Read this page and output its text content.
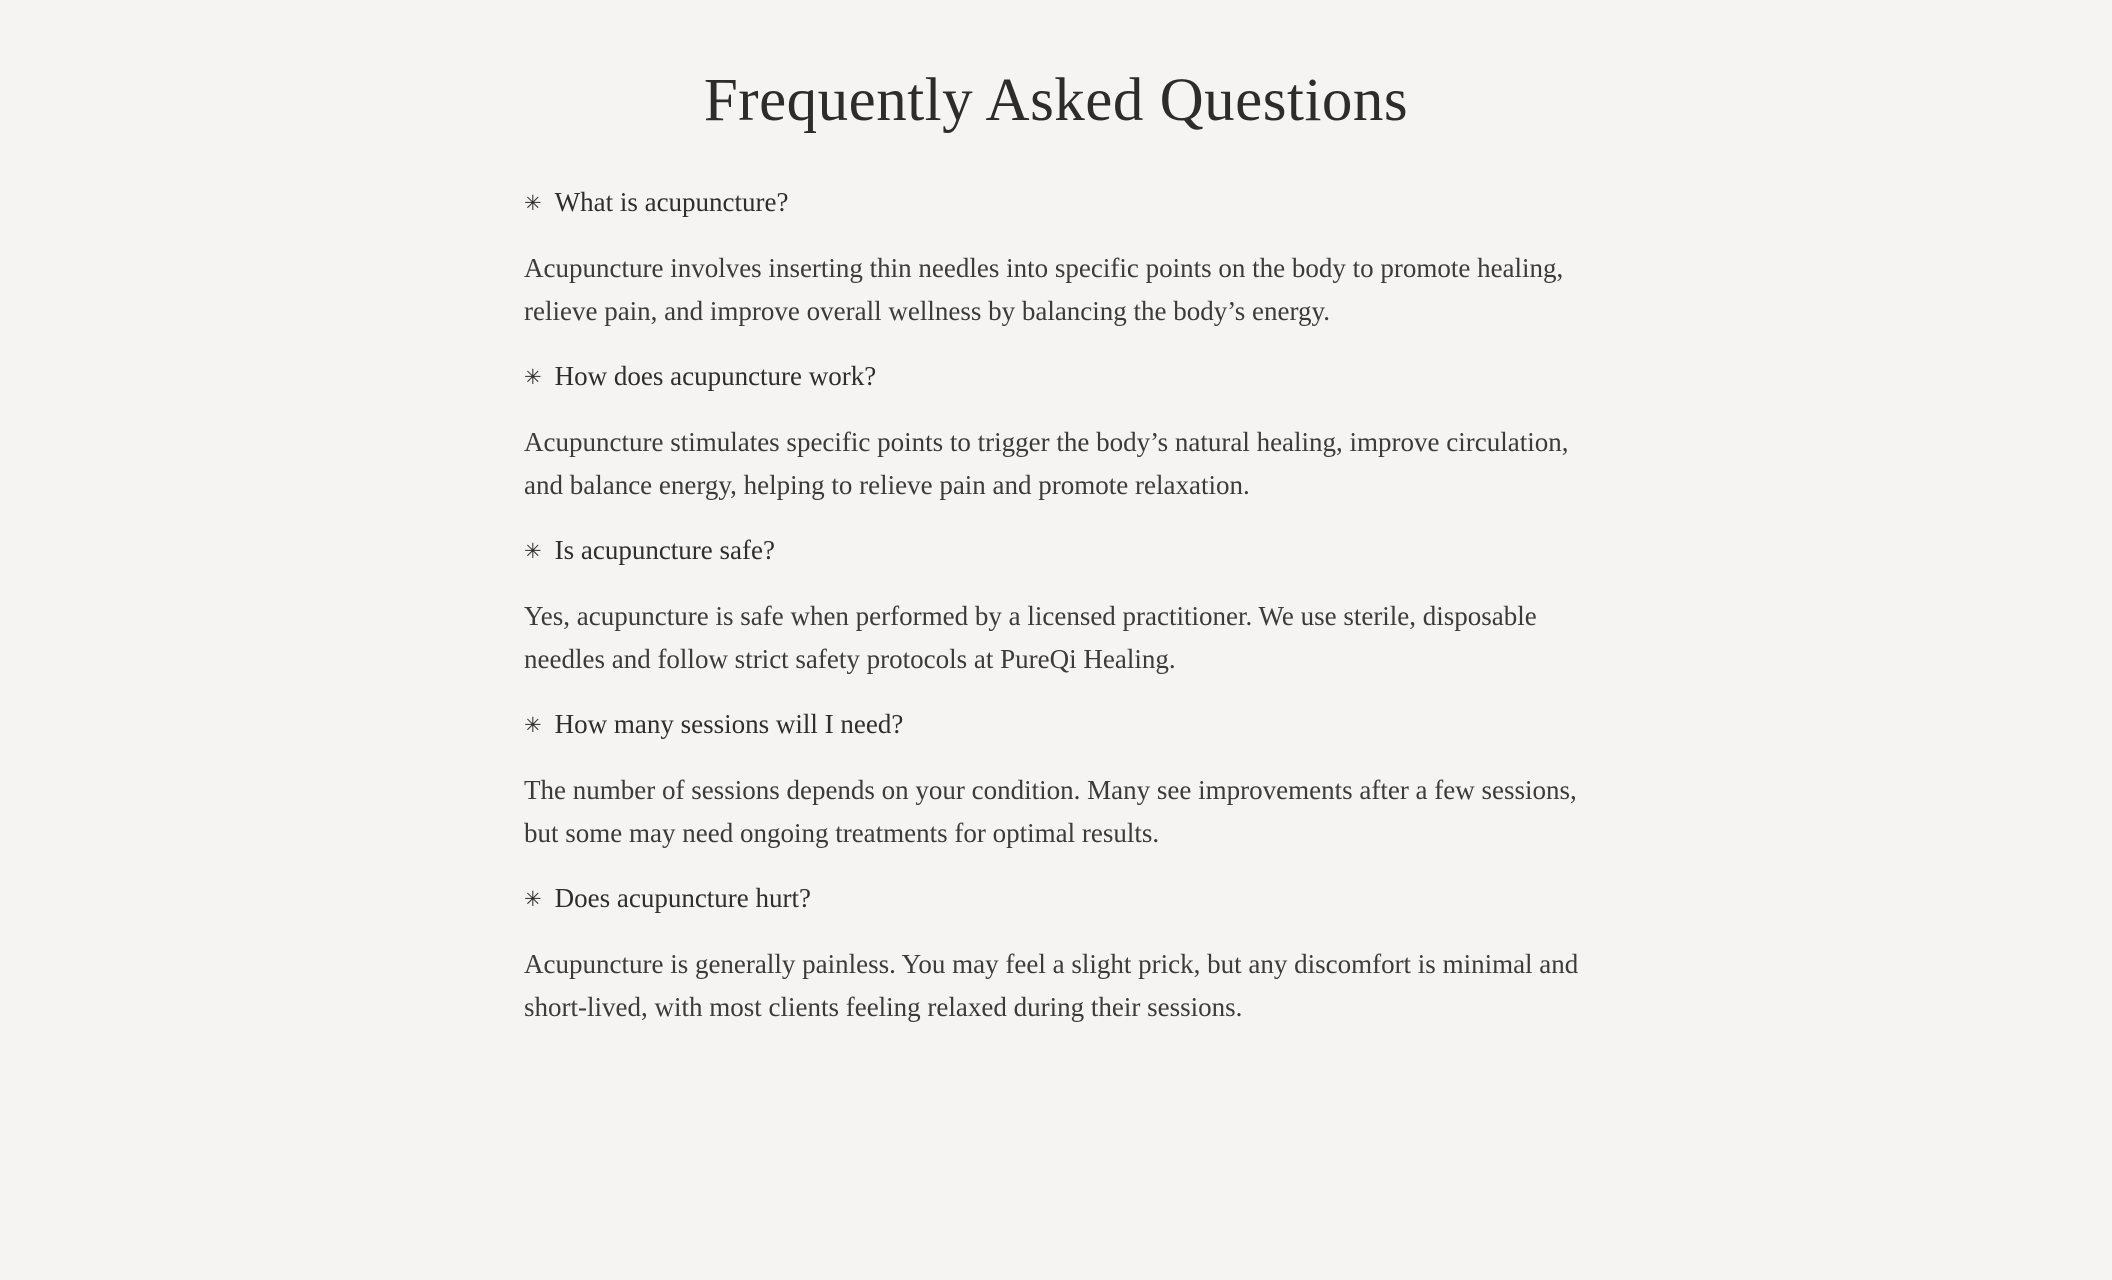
Frequently Asked Questions
✳ What is acupuncture?

Acupuncture involves inserting thin needles into specific points on the body to promote healing, relieve pain, and improve overall wellness by balancing the body’s energy.

✳ How does acupuncture work?

Acupuncture stimulates specific points to trigger the body’s natural healing, improve circulation, and balance energy, helping to relieve pain and promote relaxation.

✳ Is acupuncture safe?

Yes, acupuncture is safe when performed by a licensed practitioner. We use sterile, disposable needles and follow strict safety protocols at PureQi Healing.

✳ How many sessions will I need?

The number of sessions depends on your condition. Many see improvements after a few sessions, but some may need ongoing treatments for optimal results.

✳ Does acupuncture hurt?

Acupuncture is generally painless. You may feel a slight prick, but any discomfort is minimal and short-lived, with most clients feeling relaxed during their sessions.
